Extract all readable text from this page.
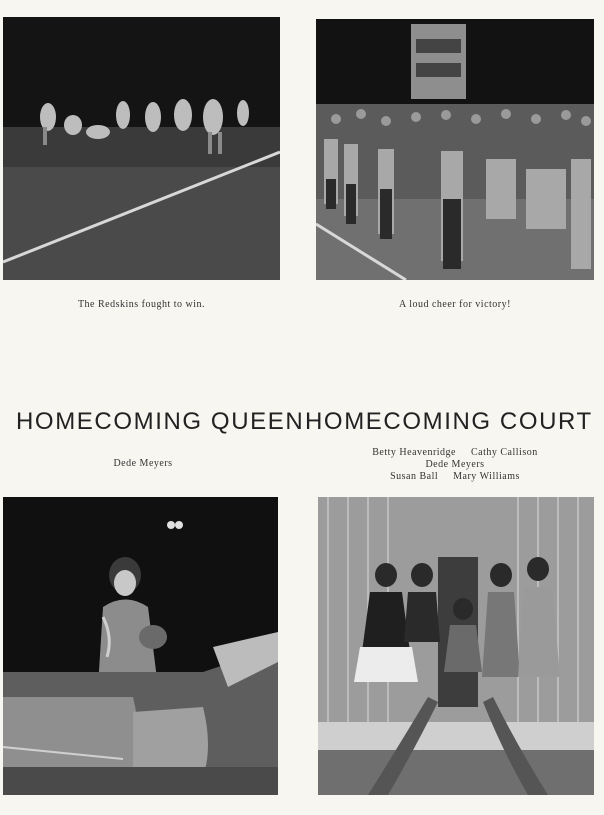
The Redskins fought to win.	A loud cheer for victory!
HOMECOMING QUEEN HOMECOMING COURT
Dede Meyers
Betty Heavenridge     Cathy Callison
Dede Meyers
Susan Ball     Mary Williams
